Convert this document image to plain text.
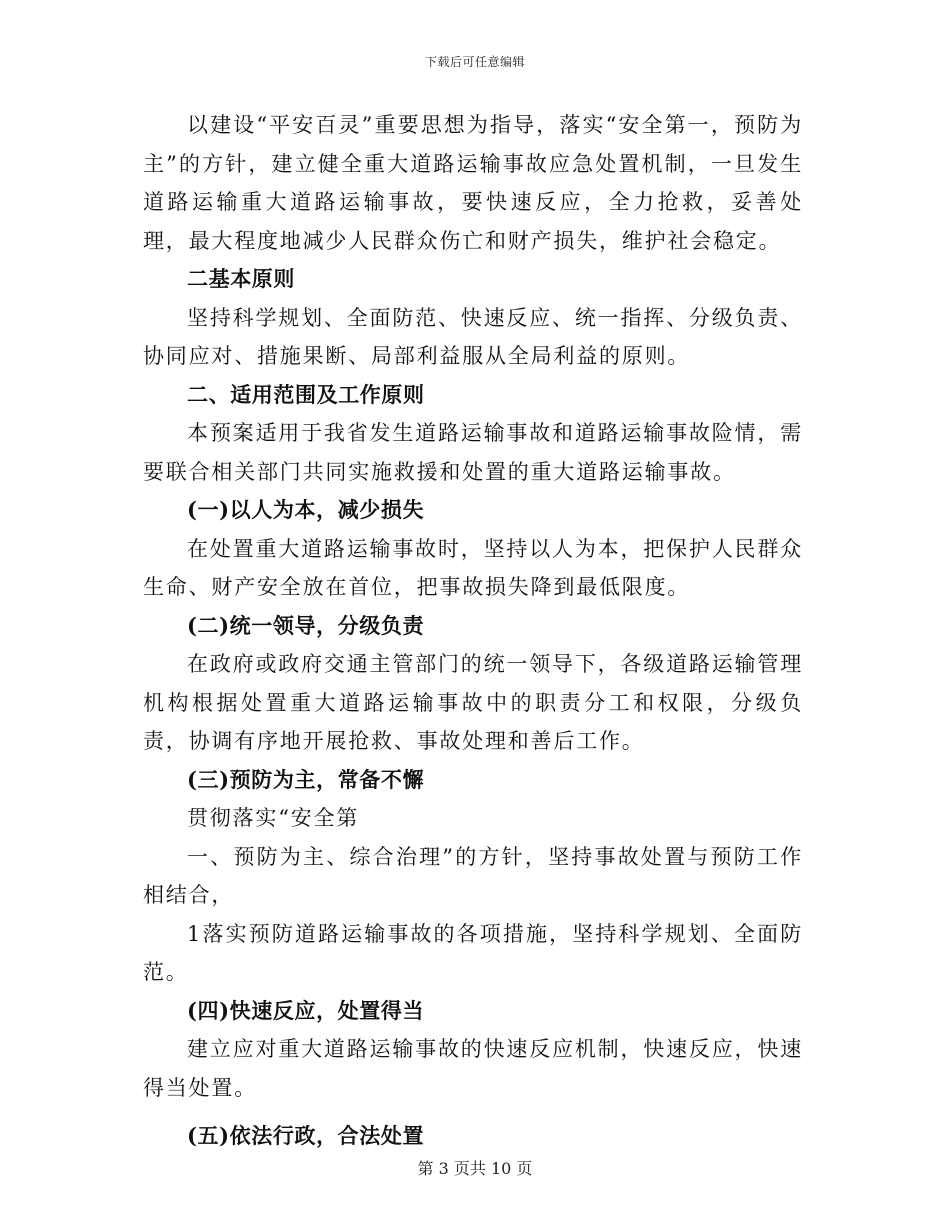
下载后可任意编辑

以建设“平安百灵”重要思想为指导，落实“安全第一，预防为主”的方针，建立健全重大道路运输事故应急处置机制，一旦发生道路运输重大道路运输事故，要快速反应，全力抢救，妥善处理，最大程度地减少人民群众伤亡和财产损失，维护社会稳定。

二基本原则

坚持科学规划、全面防范、快速反应、统一指挥、分级负责、协同应对、措施果断、局部利益服从全局利益的原则。

二、适用范围及工作原则

本预案适用于我省发生道路运输事故和道路运输事故险情，需要联合相关部门共同实施救援和处置的重大道路运输事故。

(一)以人为本，减少损失

在处置重大道路运输事故时，坚持以人为本，把保护人民群众生命、财产安全放在首位，把事故损失降到最低限度。

(二)统一领导，分级负责

在政府或政府交通主管部门的统一领导下，各级道路运输管理机构根据处置重大道路运输事故中的职责分工和权限，分级负责，协调有序地开展抢救、事故处理和善后工作。

(三)预防为主，常备不懈

贯彻落实“安全第

一、预防为主、综合治理”的方针，坚持事故处置与预防工作相结合，

1落实预防道路运输事故的各项措施，坚持科学规划、全面防范。

(四)快速反应，处置得当

建立应对重大道路运输事故的快速反应机制，快速反应，快速得当处置。

(五)依法行政，合法处置

第 3 页共 10 页
